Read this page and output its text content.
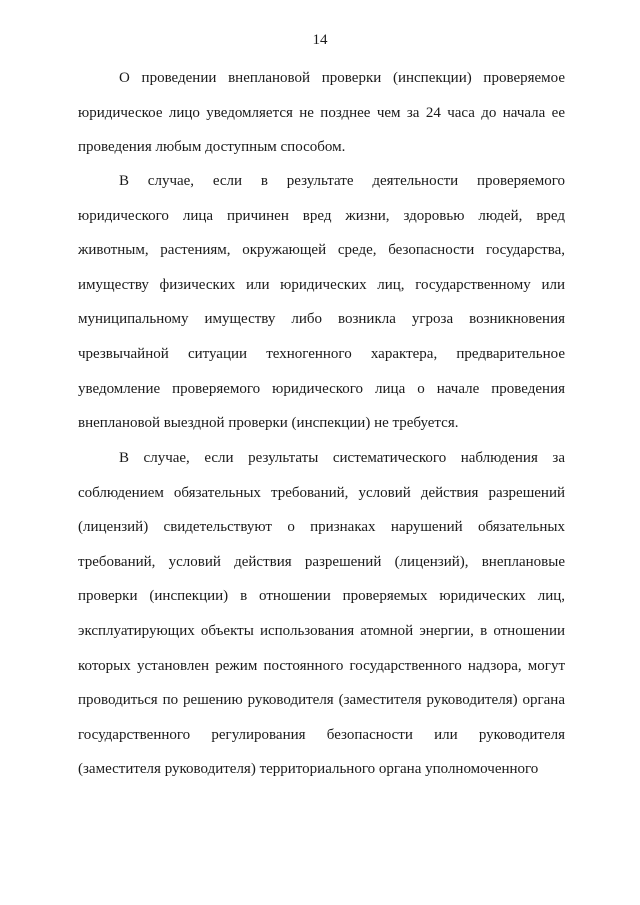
14

О проведении внеплановой проверки (инспекции) проверяемое юридическое лицо уведомляется не позднее чем за 24 часа до начала ее проведения любым доступным способом.

В случае, если в результате деятельности проверяемого юридического лица причинен вред жизни, здоровью людей, вред животным, растениям, окружающей среде, безопасности государства, имуществу физических или юридических лиц, государственному или муниципальному имуществу либо возникла угроза возникновения чрезвычайной ситуации техногенного характера, предварительное уведомление проверяемого юридического лица о начале проведения внеплановой выездной проверки (инспекции) не требуется.

В случае, если результаты систематического наблюдения за соблюдением обязательных требований, условий действия разрешений (лицензий) свидетельствуют о признаках нарушений обязательных требований, условий действия разрешений (лицензий), внеплановые проверки (инспекции) в отношении проверяемых юридических лиц, эксплуатирующих объекты использования атомной энергии, в отношении которых установлен режим постоянного государственного надзора, могут проводиться по решению руководителя (заместителя руководителя) органа государственного регулирования безопасности или руководителя (заместителя руководителя) территориального органа уполномоченного
